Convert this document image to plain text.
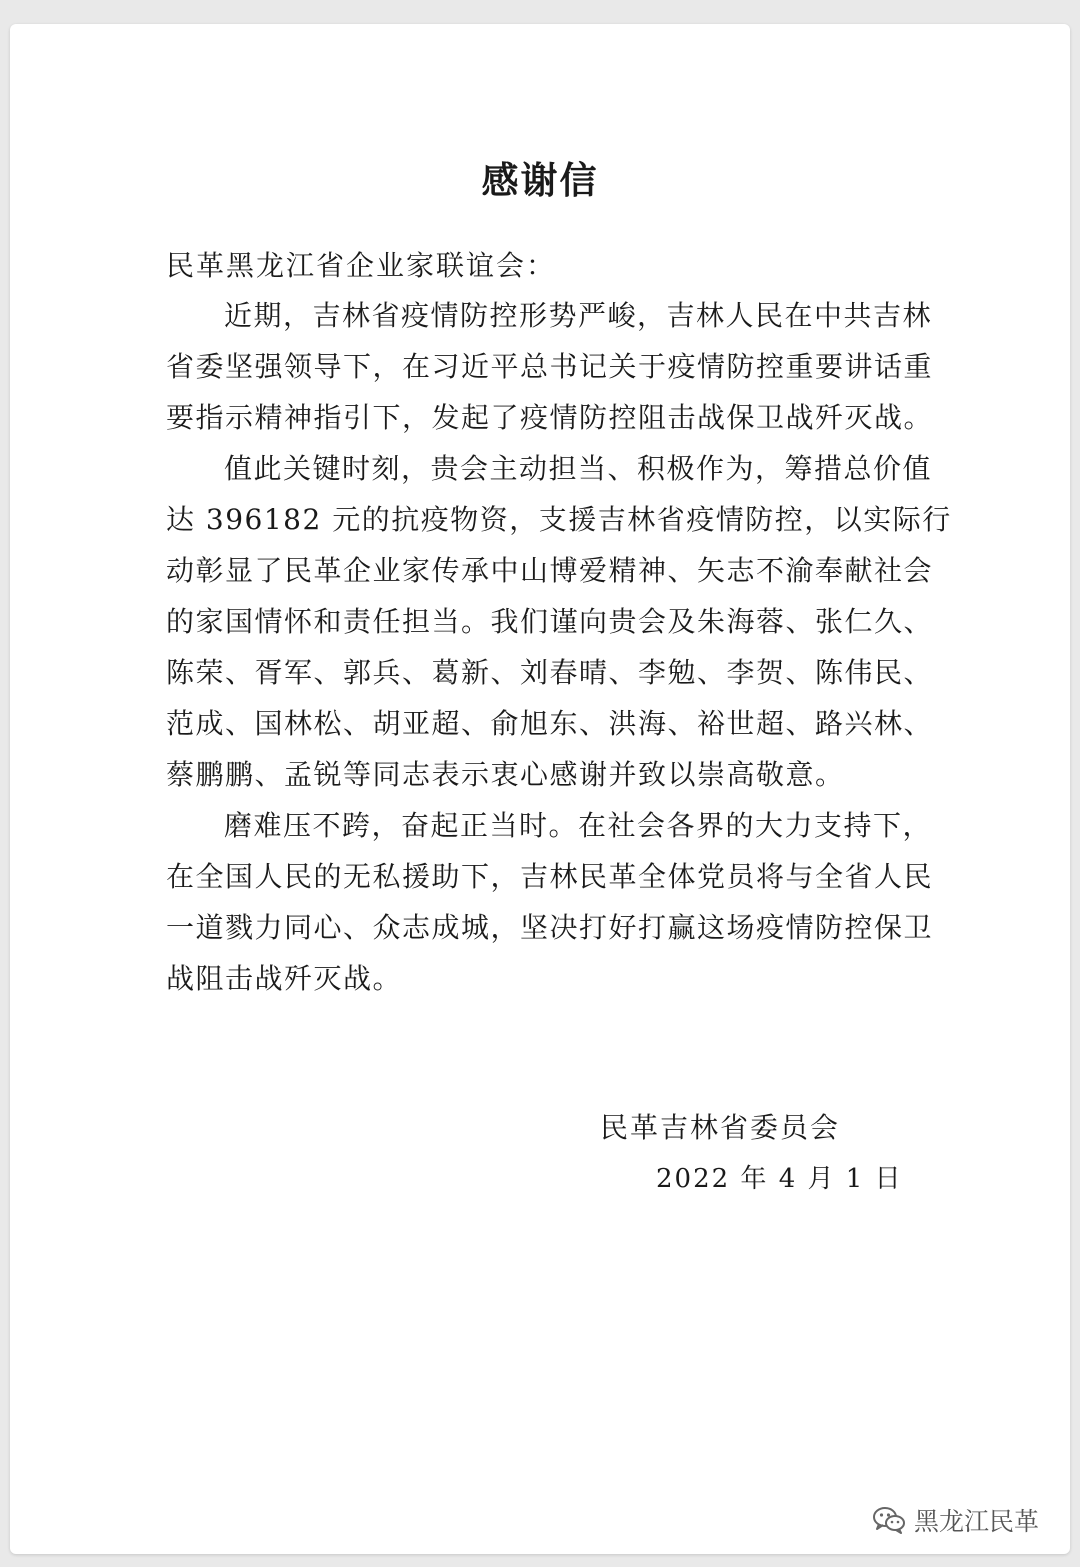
感谢信
民革黑龙江省企业家联谊会：
近期，吉林省疫情防控形势严峻，吉林人民在中共吉林
省委坚强领导下，在习近平总书记关于疫情防控重要讲话重
要指示精神指引下，发起了疫情防控阻击战保卫战歼灭战。
值此关键时刻，贵会主动担当、积极作为，筹措总价值
达 396182 元的抗疫物资，支援吉林省疫情防控，以实际行
动彰显了民革企业家传承中山博爱精神、矢志不渝奉献社会
的家国情怀和责任担当。我们谨向贵会及朱海蓉、张仁久、
陈荣、胥军、郭兵、葛新、刘春晴、李勉、李贺、陈伟民、
范成、国林松、胡亚超、俞旭东、洪海、裕世超、路兴林、
蔡鹏鹏、孟锐等同志表示衷心感谢并致以崇高敬意。
磨难压不跨，奋起正当时。在社会各界的大力支持下，
在全国人民的无私援助下，吉林民革全体党员将与全省人民
一道戮力同心、众志成城，坚决打好打赢这场疫情防控保卫
战阻击战歼灭战。
民革吉林省委员会
2022 年 4 月 1 日
黑龙江民革
